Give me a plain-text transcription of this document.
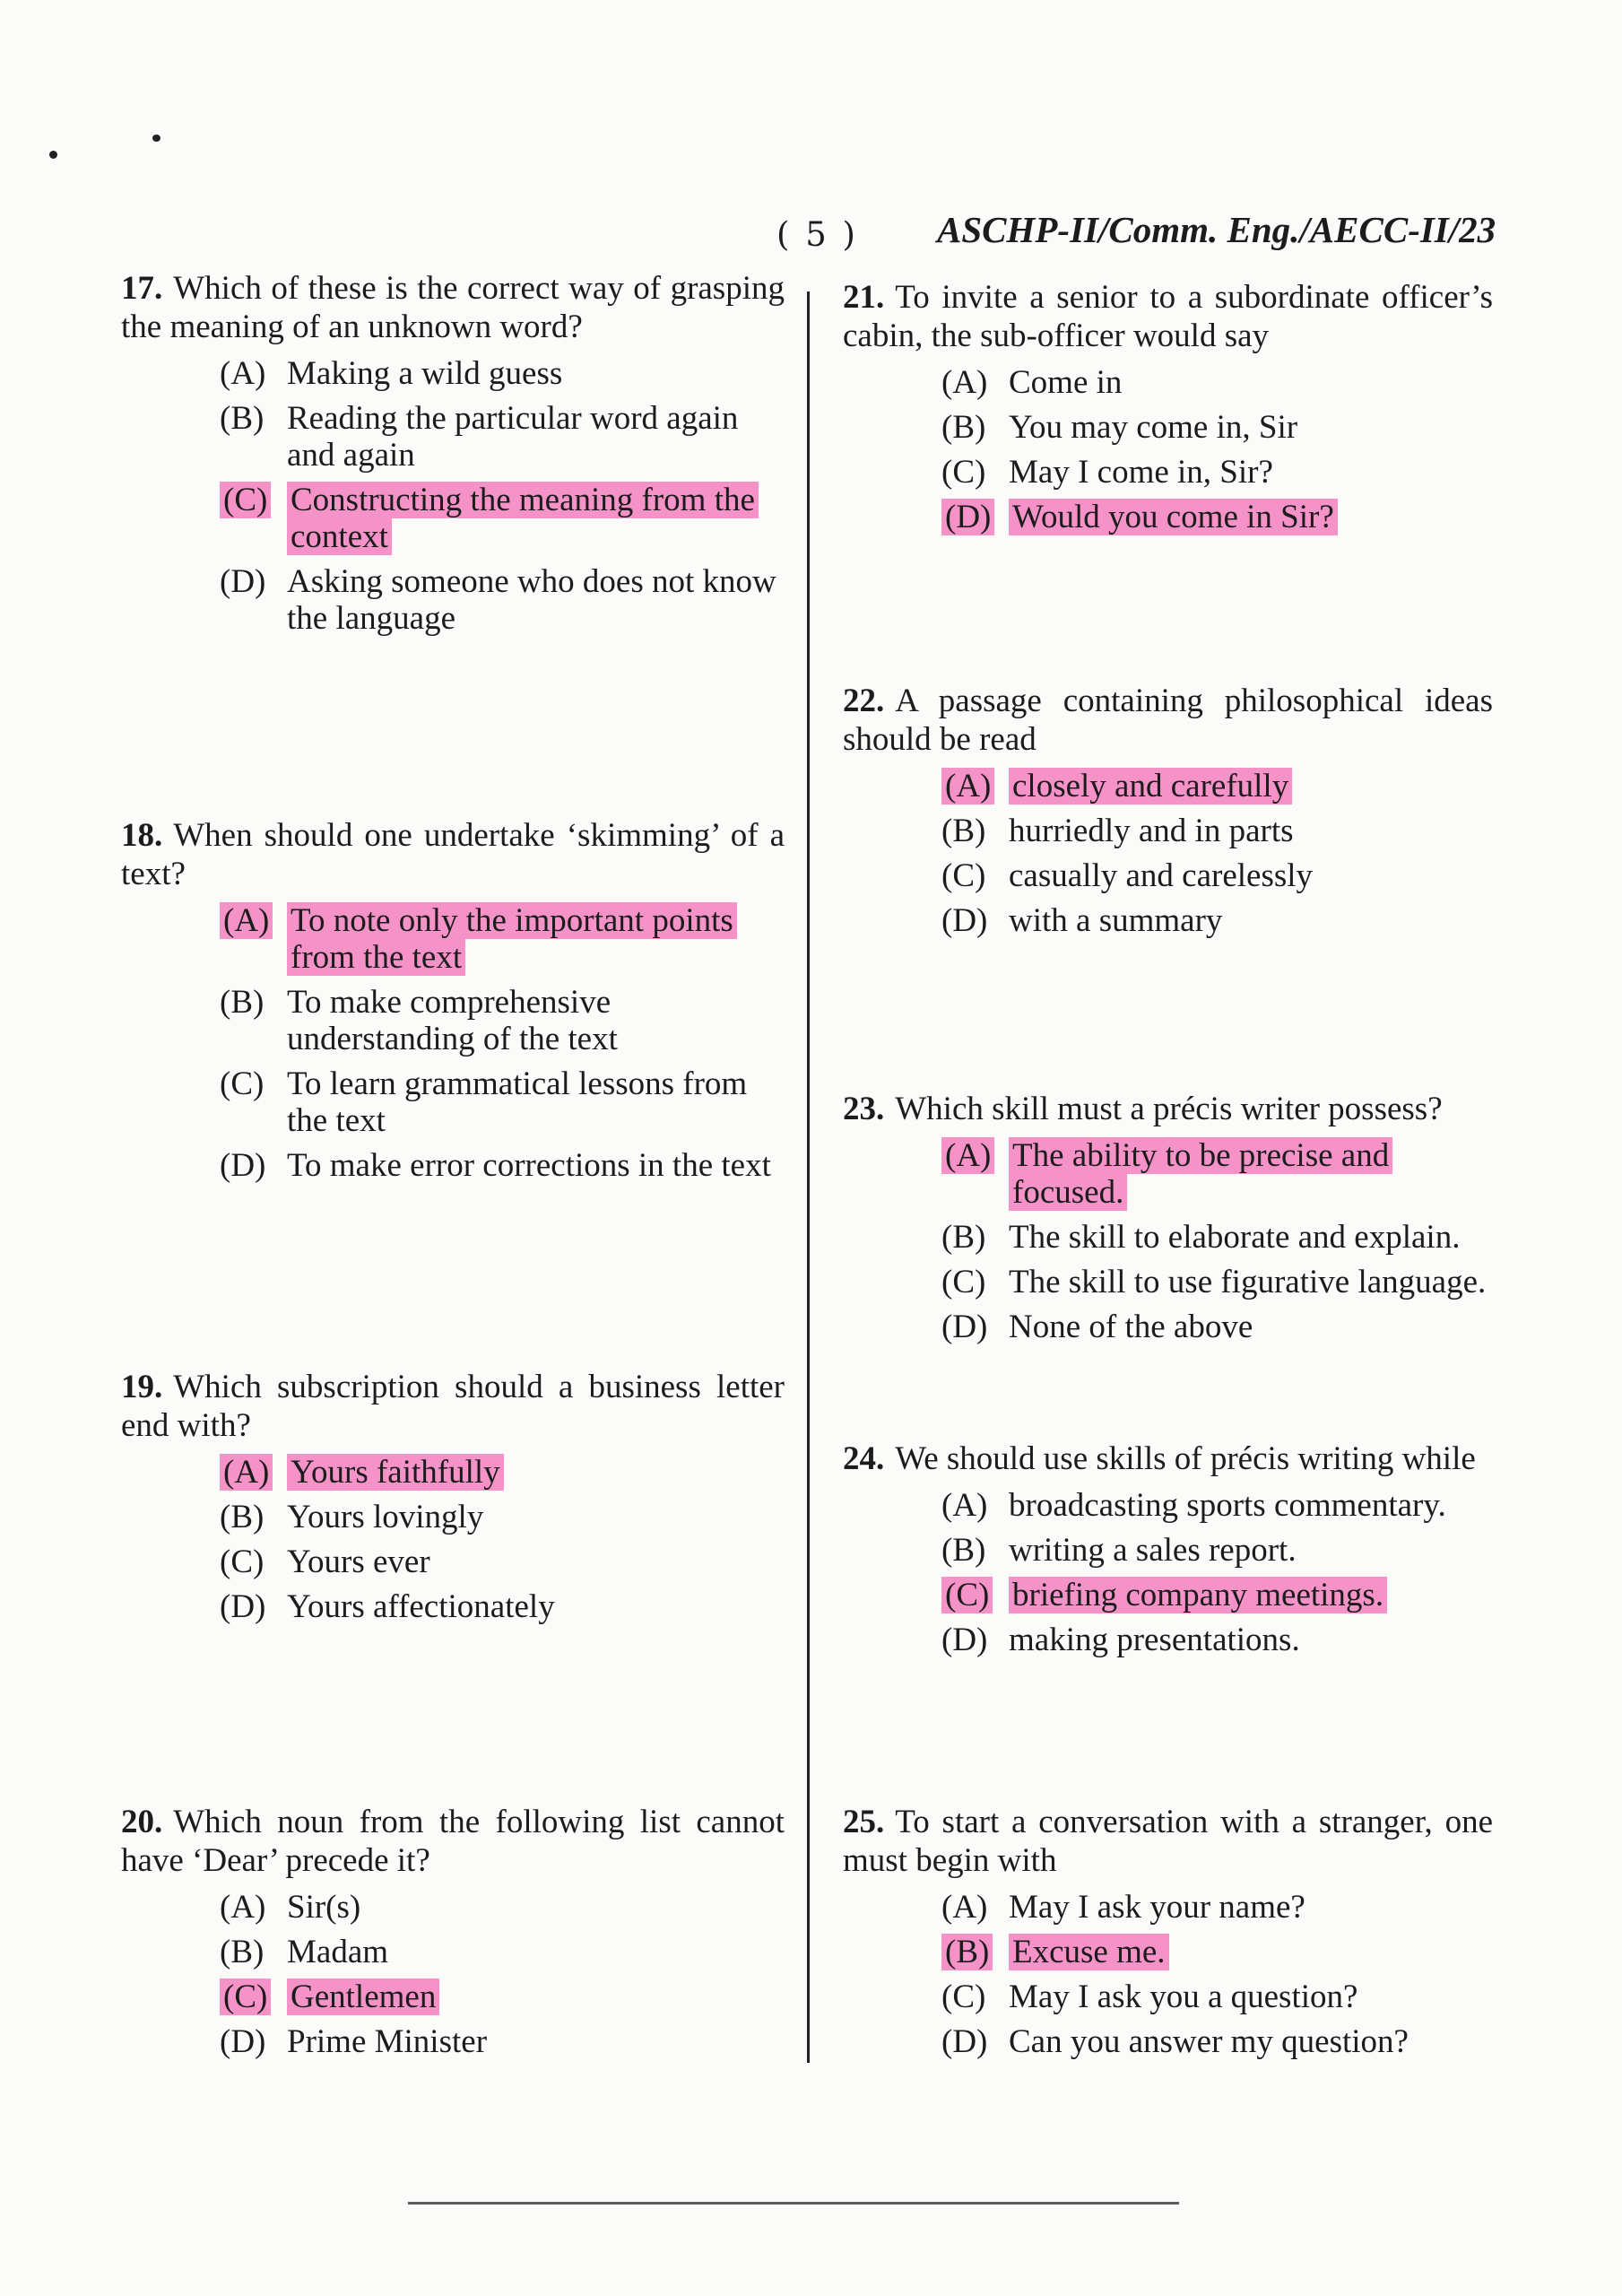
( 5 ) ASCHP-II/Comm. Eng./AECC-II/23

17. Which of these is the correct way of grasping the meaning of an unknown word?

(A) Making a wild guess
(B) Reading the particular word again and again
(C) Constructing the meaning from the context
(D) Asking someone who does not know the language

18. When should one undertake ‘skimming’ of a text?

(A) To note only the important points from the text
(B) To make comprehensive understanding of the text
(C) To learn grammatical lessons from the text
(D) To make error corrections in the text

19. Which subscription should a business letter end with?

(A) Yours faithfully
(B) Yours lovingly
(C) Yours ever
(D) Yours affectionately

20. Which noun from the following list cannot have ‘Dear’ precede it?

(A) Sir(s)
(B) Madam
(C) Gentlemen
(D) Prime Minister

21. To invite a senior to a subordinate officer’s cabin, the sub-officer would say

(A) Come in
(B) You may come in, Sir
(C) May I come in, Sir?
(D) Would you come in Sir?

22. A passage containing philosophical ideas should be read

(A) closely and carefully
(B) hurriedly and in parts
(C) casually and carelessly
(D) with a summary

23. Which skill must a précis writer possess?

(A) The ability to be precise and focused.
(B) The skill to elaborate and explain.
(C) The skill to use figurative language.
(D) None of the above

24. We should use skills of précis writing while

(A) broadcasting sports commentary.
(B) writing a sales report.
(C) briefing company meetings.
(D) making presentations.

25. To start a conversation with a stranger, one must begin with

(A) May I ask your name?
(B) Excuse me.
(C) May I ask you a question?
(D) Can you answer my question?
